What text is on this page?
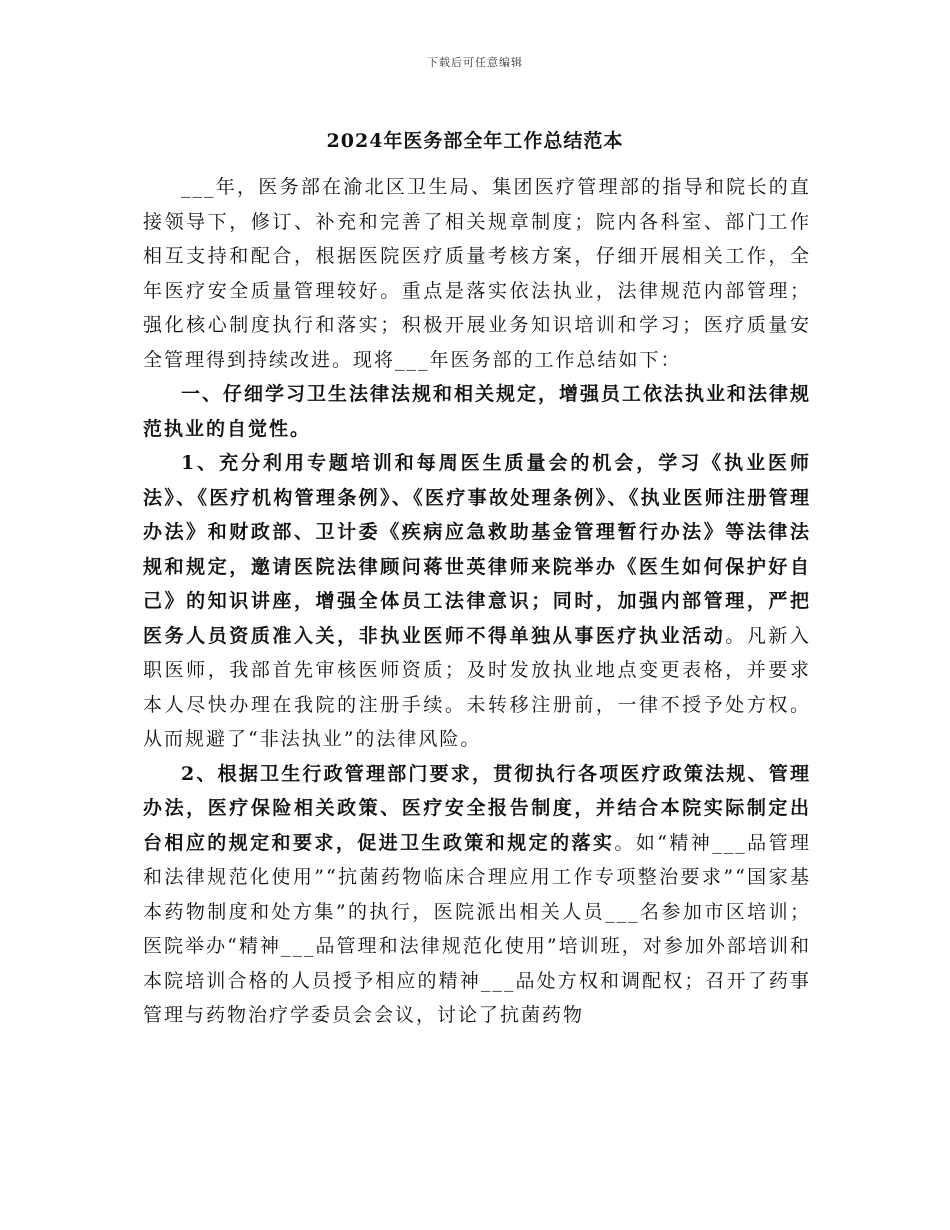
下载后可任意编辑
2024年医务部全年工作总结范本

___年，医务部在渝北区卫生局、集团医疗管理部的指导和院长的直接领导下，修订、补充和完善了相关规章制度；院内各科室、部门工作相互支持和配合，根据医院医疗质量考核方案，仔细开展相关工作，全年医疗安全质量管理较好。重点是落实依法执业，法律规范内部管理；强化核心制度执行和落实；积极开展业务知识培训和学习；医疗质量安全管理得到持续改进。现将___年医务部的工作总结如下：

一、仔细学习卫生法律法规和相关规定，增强员工依法执业和法律规范执业的自觉性。

1、充分利用专题培训和每周医生质量会的机会，学习《执业医师法》、《医疗机构管理条例》、《医疗事故处理条例》、《执业医师注册管理办法》和财政部、卫计委《疾病应急救助基金管理暂行办法》等法律法规和规定，邀请医院法律顾问蒋世英律师来院举办《医生如何保护好自己》的知识讲座，增强全体员工法律意识；同时，加强内部管理，严把医务人员资质准入关，非执业医师不得单独从事医疗执业活动。凡新入职医师，我部首先审核医师资质；及时发放执业地点变更表格，并要求本人尽快办理在我院的注册手续。未转移注册前，一律不授予处方权。从而规避了“非法执业”的法律风险。

2、根据卫生行政管理部门要求，贯彻执行各项医疗政策法规、管理办法，医疗保险相关政策、医疗安全报告制度，并结合本院实际制定出台相应的规定和要求，促进卫生政策和规定的落实。如“精神___品管理和法律规范化使用”“抗菌药物临床合理应用工作专项整治要求”“国家基本药物制度和处方集”的执行，医院派出相关人员___名参加市区培训；医院举办“精神___品管理和法律规范化使用”培训班，对参加外部培训和本院培训合格的人员授予相应的精神___品处方权和调配权；召开了药事管理与药物治疗学委员会会议，讨论了抗菌药物
